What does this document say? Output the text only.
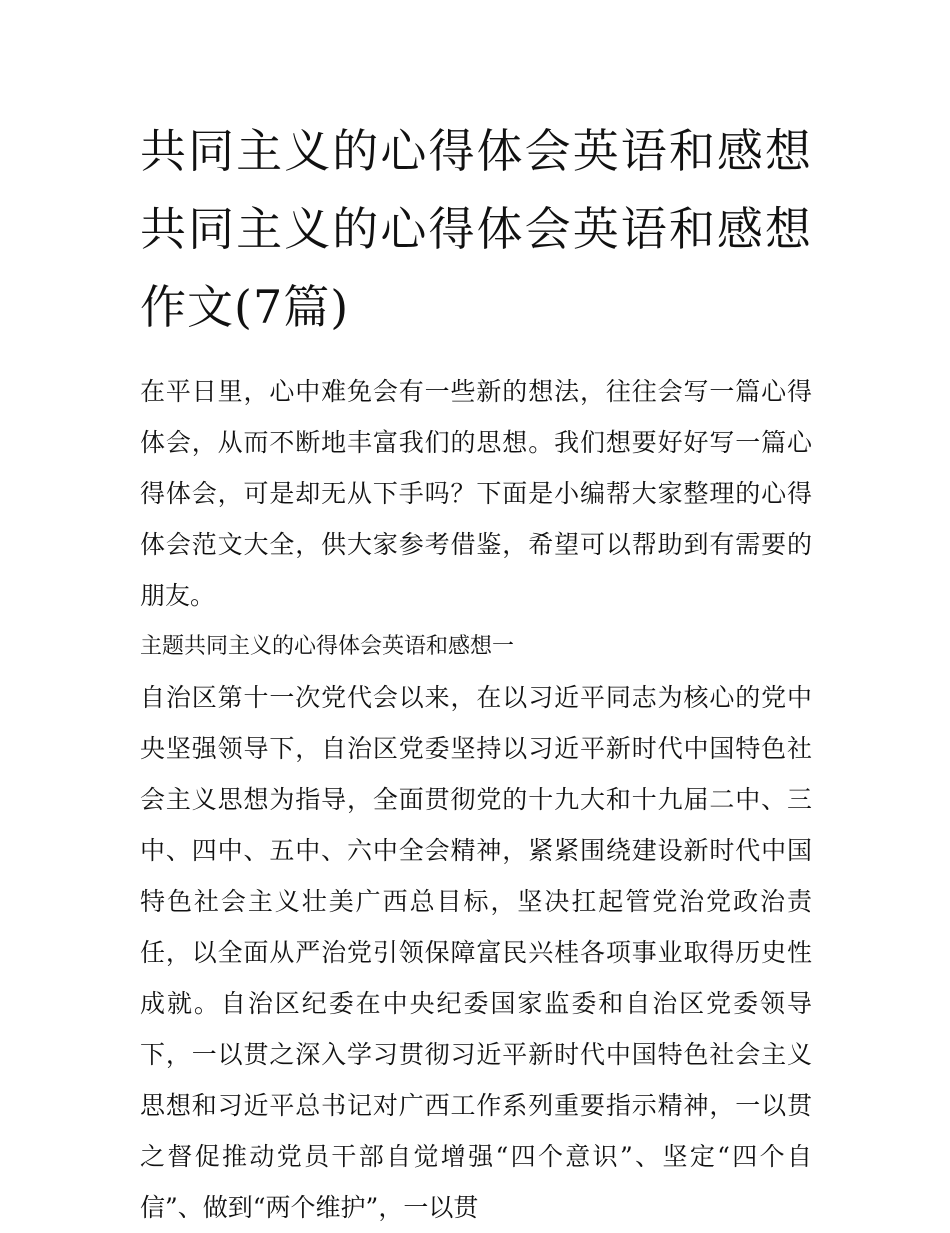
共同主义的心得体会英语和感想 共同主义的心得体会英语和感想作文(7篇)

在平日里，心中难免会有一些新的想法，往往会写一篇心得体会，从而不断地丰富我们的思想。我们想要好好写一篇心得体会，可是却无从下手吗？下面是小编帮大家整理的心得体会范文大全，供大家参考借鉴，希望可以帮助到有需要的朋友。

主题共同主义的心得体会英语和感想一

自治区第十一次党代会以来，在以习近平同志为核心的党中央坚强领导下，自治区党委坚持以习近平新时代中国特色社会主义思想为指导，全面贯彻党的十九大和十九届二中、三中、四中、五中、六中全会精神，紧紧围绕建设新时代中国特色社会主义壮美广西总目标，坚决扛起管党治党政治责任，以全面从严治党引领保障富民兴桂各项事业取得历史性成就。自治区纪委在中央纪委国家监委和自治区党委领导下，一以贯之深入学习贯彻习近平新时代中国特色社会主义思想和习近平总书记对广西工作系列重要指示精神，一以贯之督促推动党员干部自觉增强“四个意识”、坚定“四个自信”、做到“两个维护”，一以贯
